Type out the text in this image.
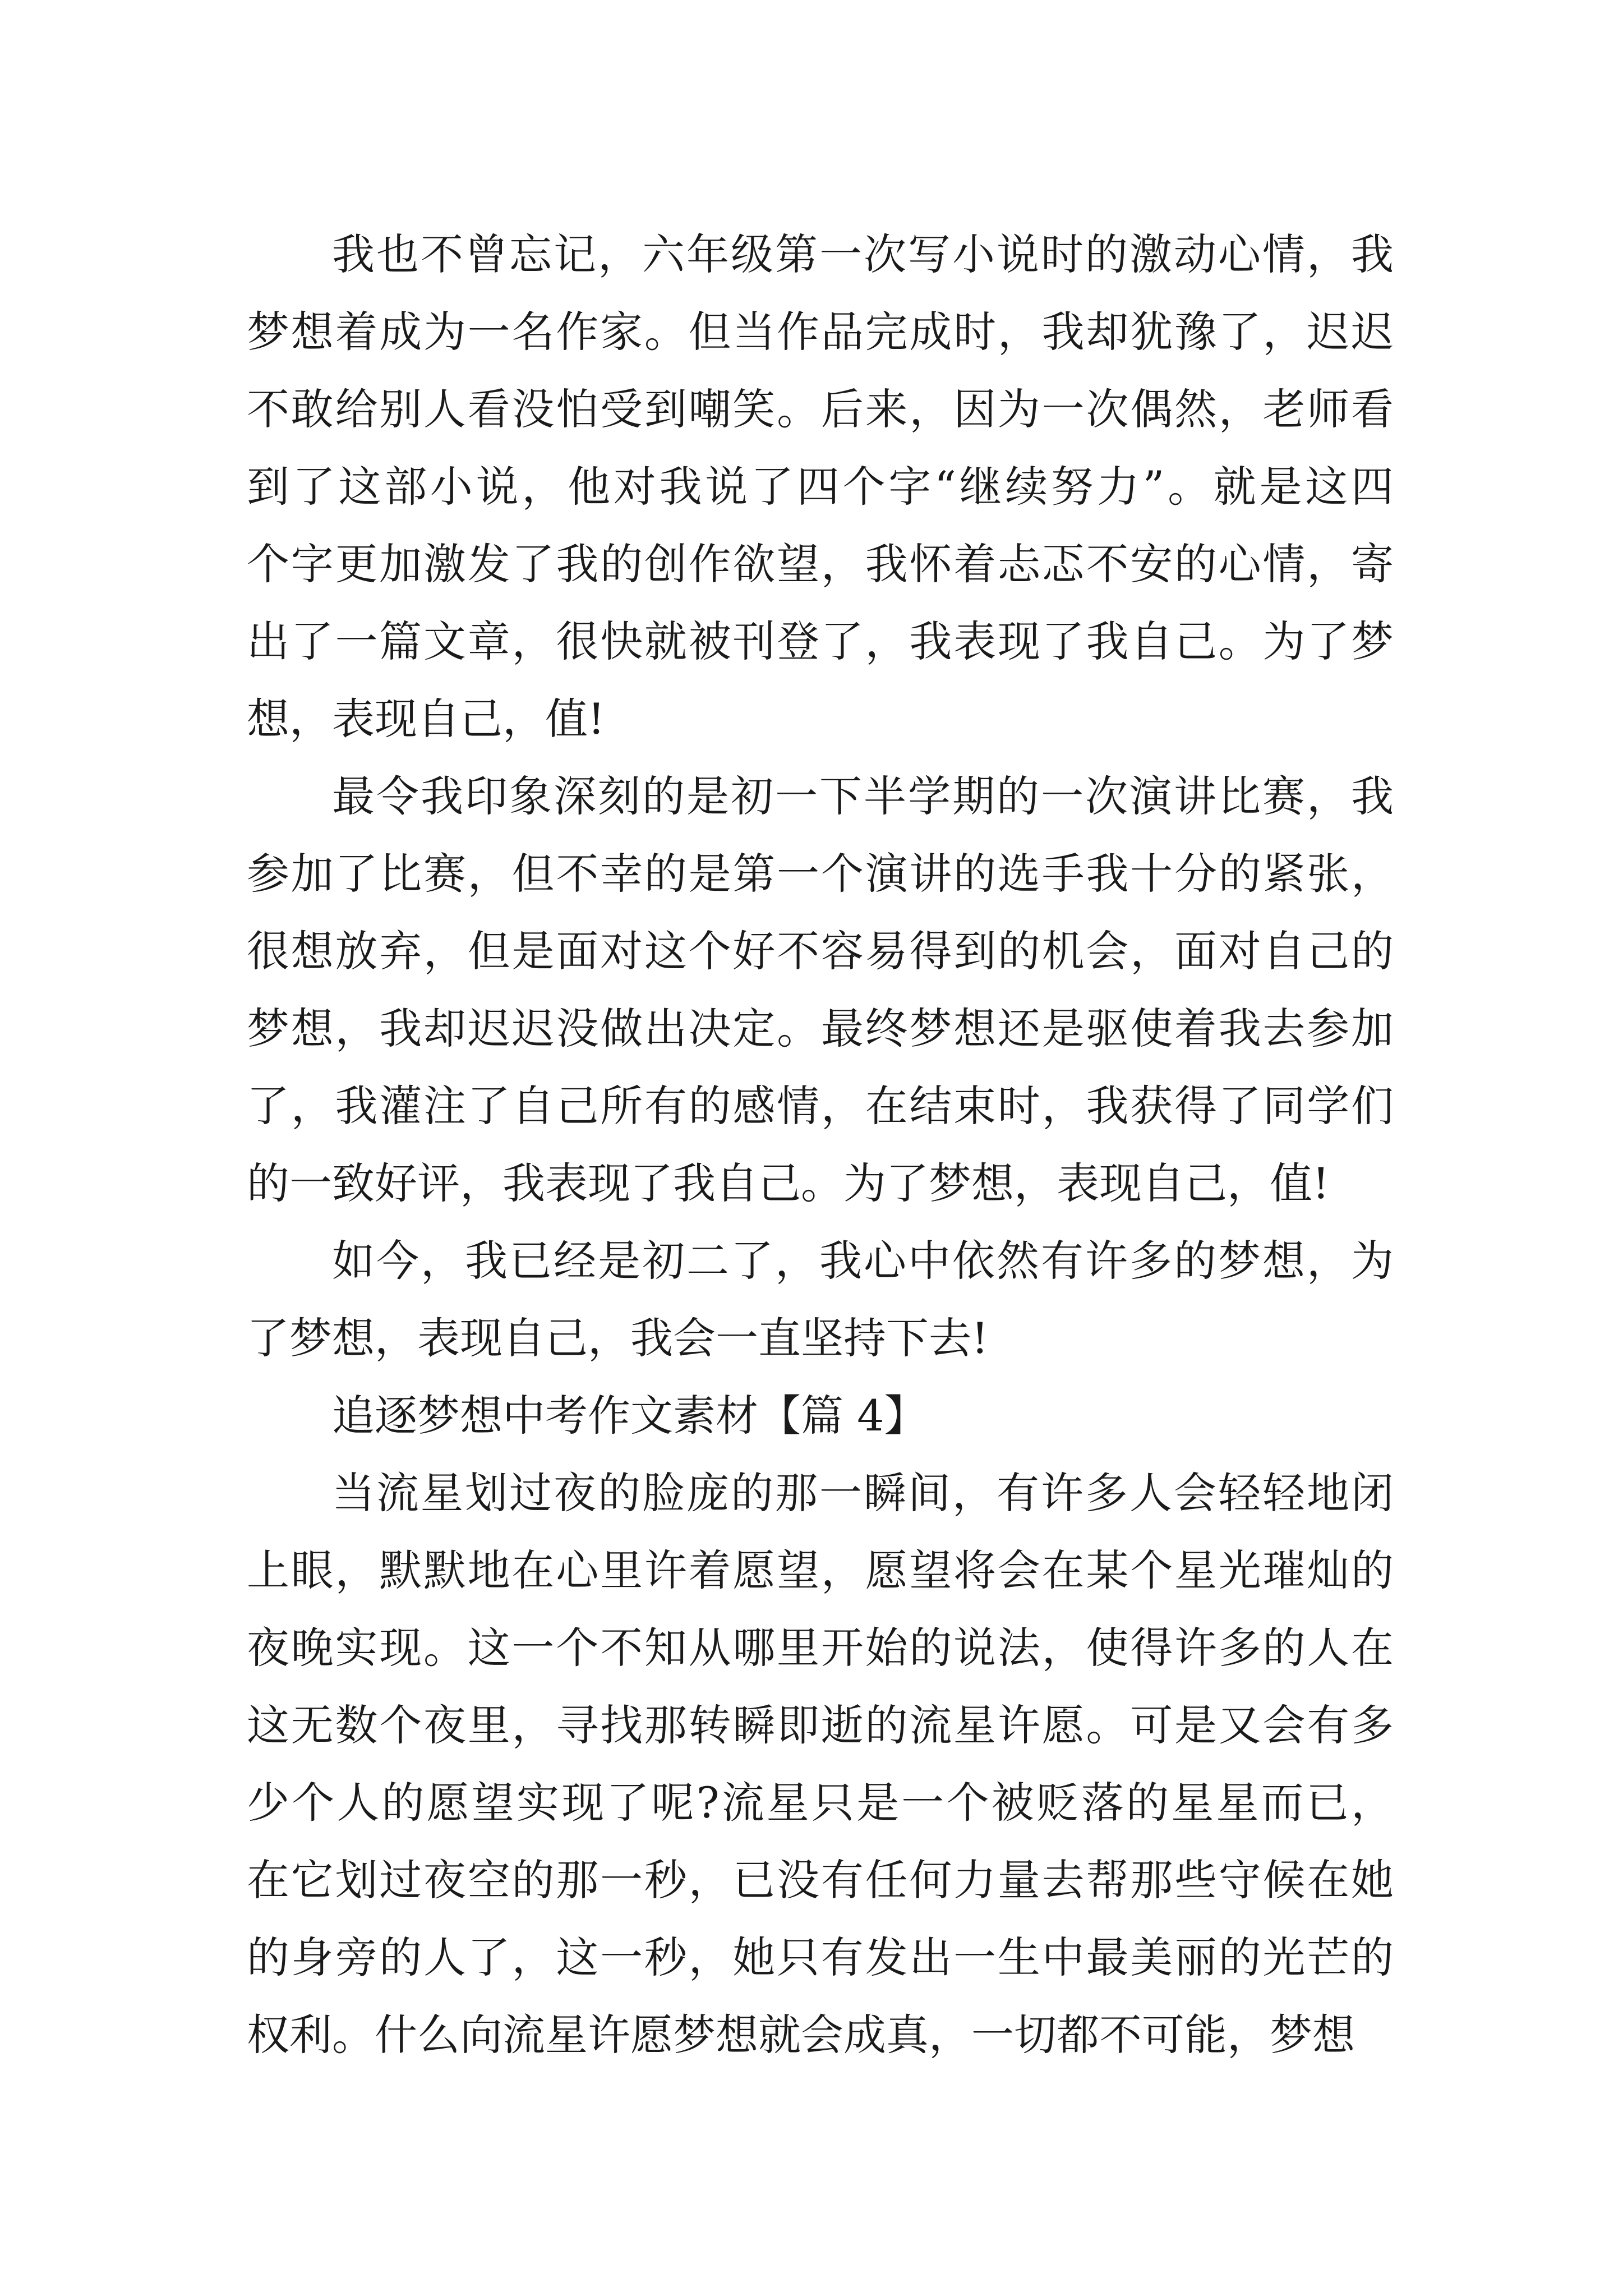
我也不曾忘记，六年级第一次写小说时的激动心情，我
梦想着成为一名作家。但当作品完成时，我却犹豫了，迟迟
不敢给别人看没怕受到嘲笑。后来，因为一次偶然，老师看
到了这部小说，他对我说了四个字“继续努力”。就是这四
个字更加激发了我的创作欲望，我怀着忐忑不安的心情，寄
出了一篇文章，很快就被刊登了，我表现了我自己。为了梦
想，表现自己，值!
最令我印象深刻的是初一下半学期的一次演讲比赛，我
参加了比赛，但不幸的是第一个演讲的选手我十分的紧张，
很想放弃，但是面对这个好不容易得到的机会，面对自己的
梦想，我却迟迟没做出决定。最终梦想还是驱使着我去参加
了，我灌注了自己所有的感情，在结束时，我获得了同学们
的一致好评，我表现了我自己。为了梦想，表现自己，值!
如今，我已经是初二了，我心中依然有许多的梦想，为
了梦想，表现自己，我会一直坚持下去!
追逐梦想中考作文素材【篇 4】
当流星划过夜的脸庞的那一瞬间，有许多人会轻轻地闭
上眼，默默地在心里许着愿望，愿望将会在某个星光璀灿的
夜晚实现。这一个不知从哪里开始的说法，使得许多的人在
这无数个夜里，寻找那转瞬即逝的流星许愿。可是又会有多
少个人的愿望实现了呢?流星只是一个被贬落的星星而已，
在它划过夜空的那一秒，已没有任何力量去帮那些守候在她
的身旁的人了，这一秒，她只有发出一生中最美丽的光芒的
权利。什么向流星许愿梦想就会成真，一切都不可能，梦想
